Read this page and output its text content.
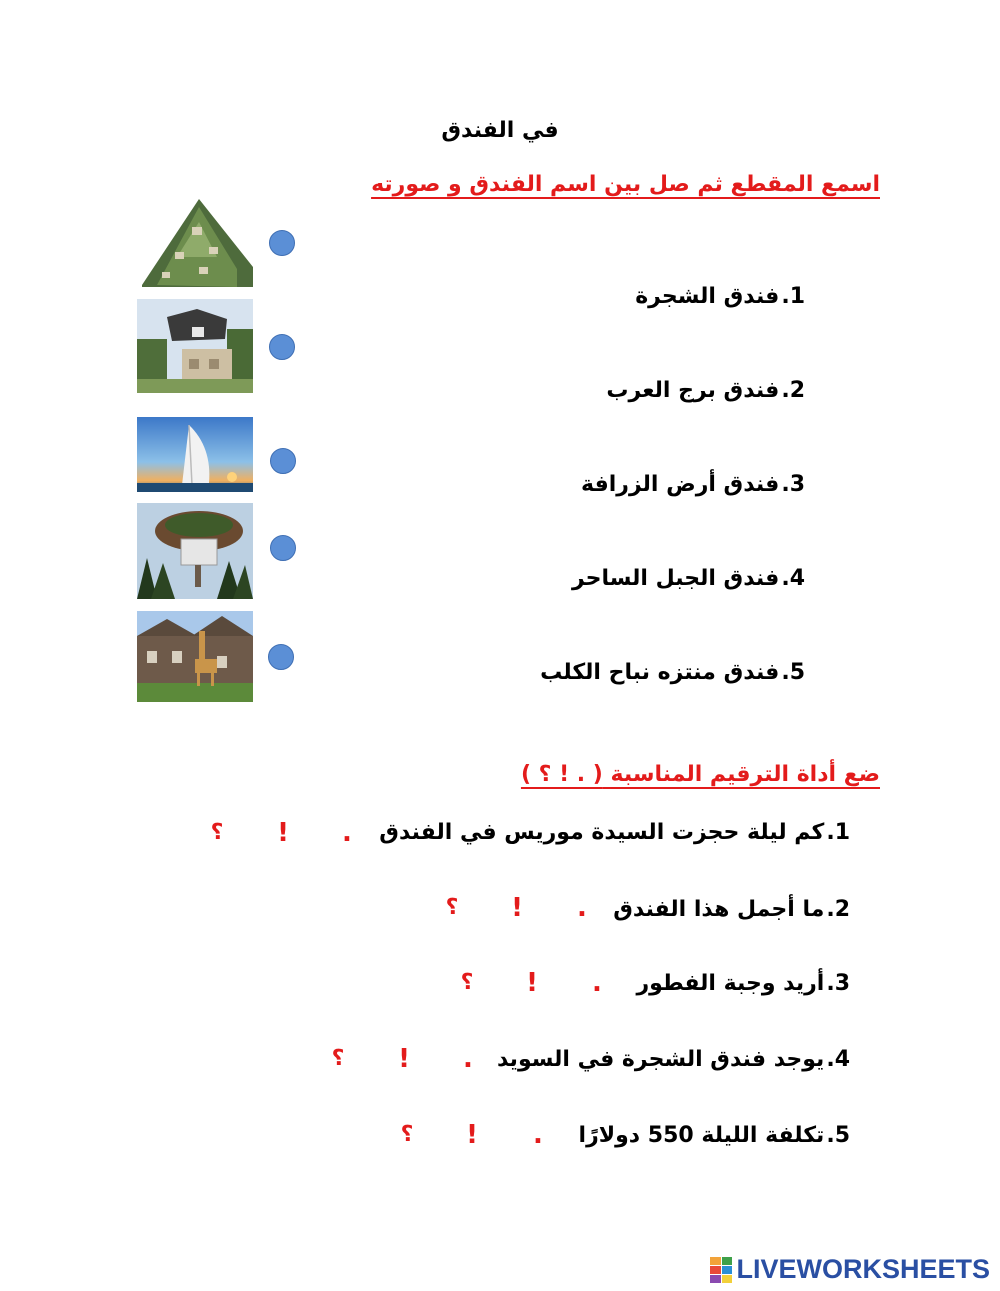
في الفندق
اسمع المقطع ثم صل بين اسم الفندق و صورته
1.فندق الشجرة
2.فندق برج العرب
3.فندق أرض الزرافة
4.فندق الجبل الساحر
5.فندق منتزه نباح الكلب
ضع أداة الترقيم المناسبة ( . ! ؟ )
1.كم ليلة حجزت السيدة موريس في الفندق
2.ما أجمل هذا الفندق
3.أريد وجبة الفطور
4.يوجد فندق الشجرة في السويد
5.تكلفة الليلة 550 دولارًا
.
!
؟
.
!
؟
.
!
؟
.
!
؟
.
!
؟
LIVEWORKSHEETS
